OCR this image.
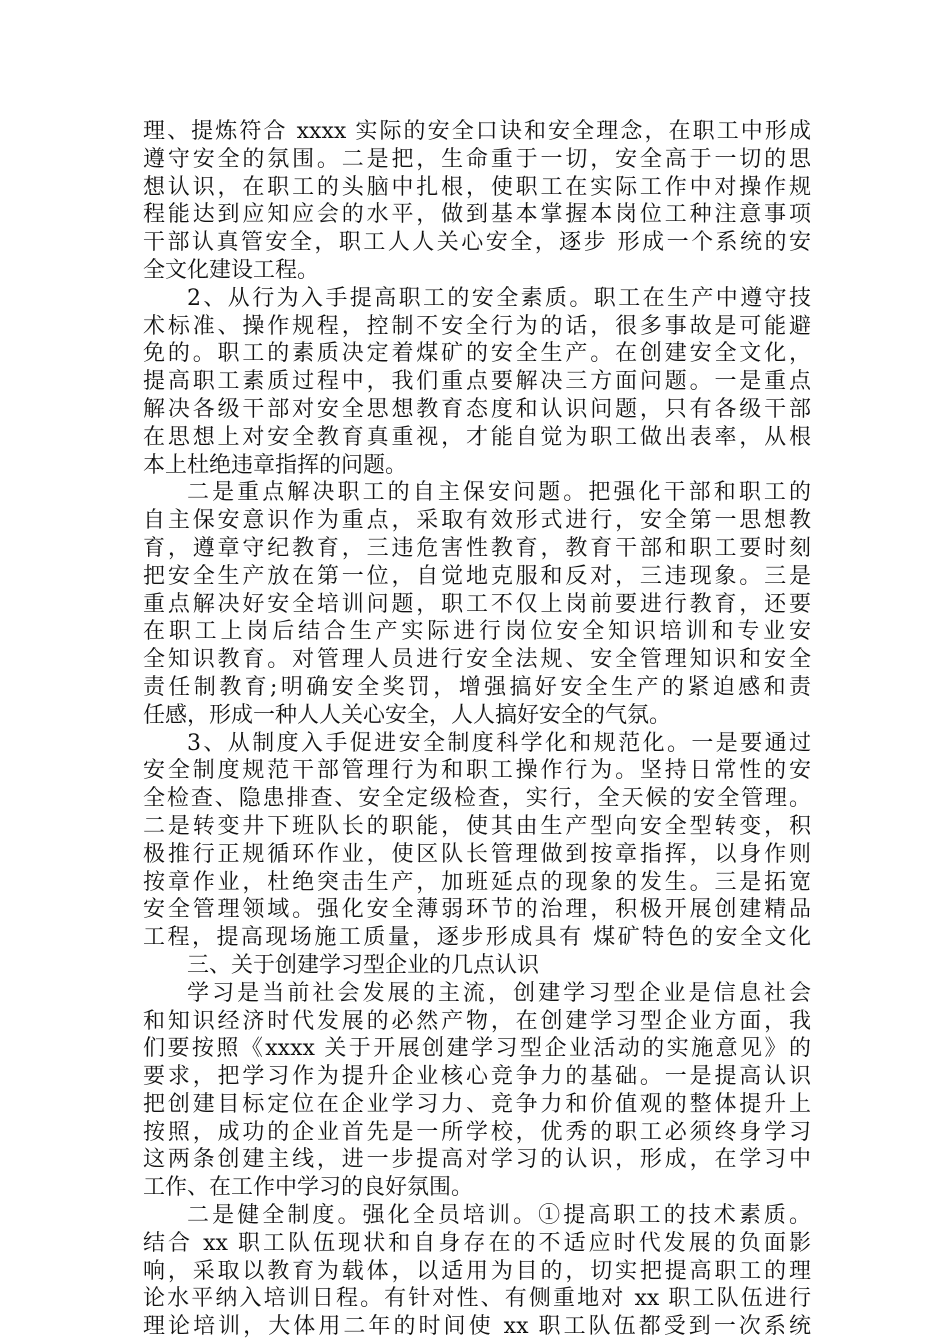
理、提炼符合 xxxx 实际的安全口诀和安全理念，在职工中形成
遵守安全的氛围。二是把，生命重于一切，安全高于一切的思
想认识，在职工的头脑中扎根，使职工在实际工作中对操作规
程能达到应知应会的水平，做到基本掌握本岗位工种注意事项
干部认真管安全，职工人人关心安全，逐步 形成一个系统的安
全文化建设工程。
2、从行为入手提高职工的安全素质。职工在生产中遵守技
术标准、操作规程，控制不安全行为的话，很多事故是可能避
免的。职工的素质决定着煤矿的安全生产。在创建安全文化，
提高职工素质过程中，我们重点要解决三方面问题。一是重点
解决各级干部对安全思想教育态度和认识问题，只有各级干部
在思想上对安全教育真重视，才能自觉为职工做出表率，从根
本上杜绝违章指挥的问题。
二是重点解决职工的自主保安问题。把强化干部和职工的
自主保安意识作为重点，采取有效形式进行，安全第一思想教
育，遵章守纪教育，三违危害性教育，教育干部和职工要时刻
把安全生产放在第一位，自觉地克服和反对，三违现象。三是
重点解决好安全培训问题，职工不仅上岗前要进行教育，还要
在职工上岗后结合生产实际进行岗位安全知识培训和专业安
全知识教育。对管理人员进行安全法规、安全管理知识和安全
责任制教育;明确安全奖罚，增强搞好安全生产的紧迫感和责
任感，形成一种人人关心安全，人人搞好安全的气氛。
3、从制度入手促进安全制度科学化和规范化。一是要通过
安全制度规范干部管理行为和职工操作行为。坚持日常性的安
全检查、隐患排查、安全定级检查，实行，全天候的安全管理。
二是转变井下班队长的职能，使其由生产型向安全型转变，积
极推行正规循环作业，使区队长管理做到按章指挥，以身作则
按章作业，杜绝突击生产，加班延点的现象的发生。三是拓宽
安全管理领域。强化安全薄弱环节的治理，积极开展创建精品
工程，提高现场施工质量，逐步形成具有 煤矿特色的安全文化
三、关于创建学习型企业的几点认识
学习是当前社会发展的主流，创建学习型企业是信息社会
和知识经济时代发展的必然产物，在创建学习型企业方面，我
们要按照《xxxx 关于开展创建学习型企业活动的实施意见》的
要求，把学习作为提升企业核心竞争力的基础。一是提高认识
把创建目标定位在企业学习力、竞争力和价值观的整体提升上
按照，成功的企业首先是一所学校，优秀的职工必须终身学习
这两条创建主线，进一步提高对学习的认识，形成，在学习中
工作、在工作中学习的良好氛围。
二是健全制度。强化全员培训。①提高职工的技术素质。
结合 xx 职工队伍现状和自身存在的不适应时代发展的负面影
响，采取以教育为载体，以适用为目的，切实把提高职工的理
论水平纳入培训日程。有针对性、有侧重地对 xx 职工队伍进行
理论培训，大体用二年的时间使 xx 职工队伍都受到一次系统
